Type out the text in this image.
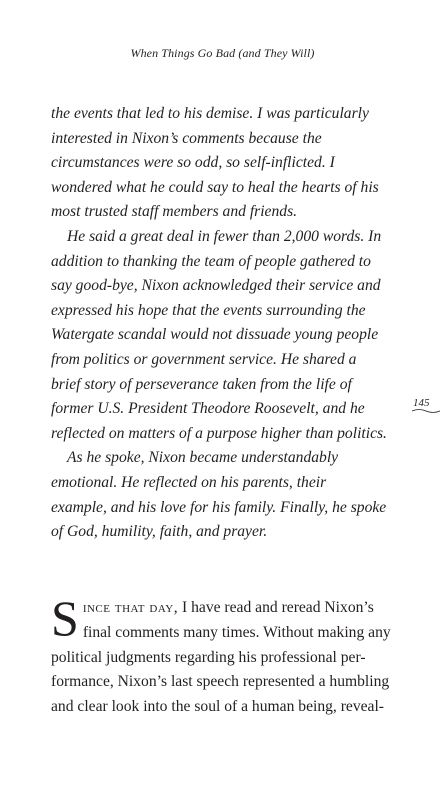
When Things Go Bad (and They Will)

the events that led to his demise. I was particularly
interested in Nixon’s comments because the
circumstances were so odd, so self-inflicted. I
wondered what he could say to heal the hearts of his
most trusted staff members and friends.

He said a great deal in fewer than 2,000 words. In
addition to thanking the team of people gathered to
say good-bye, Nixon acknowledged their service and
expressed his hope that the events surrounding the
Watergate scandal would not dissuade young people
from politics or government service. He shared a
brief story of perseverance taken from the life of
former U.S. President Theodore Roosevelt, and he
reflected on matters of a purpose higher than politics.

As he spoke, Nixon became understandably
emotional. He reflected on his parents, their
example, and his love for his family. Finally, he spoke
of God, humility, faith, and prayer.

145
S ince that day, I have read and reread Nixon’s
final comments many times. Without making any
political judgments regarding his professional per-
formance, Nixon’s last speech represented a humbling
and clear look into the soul of a human being, reveal-
